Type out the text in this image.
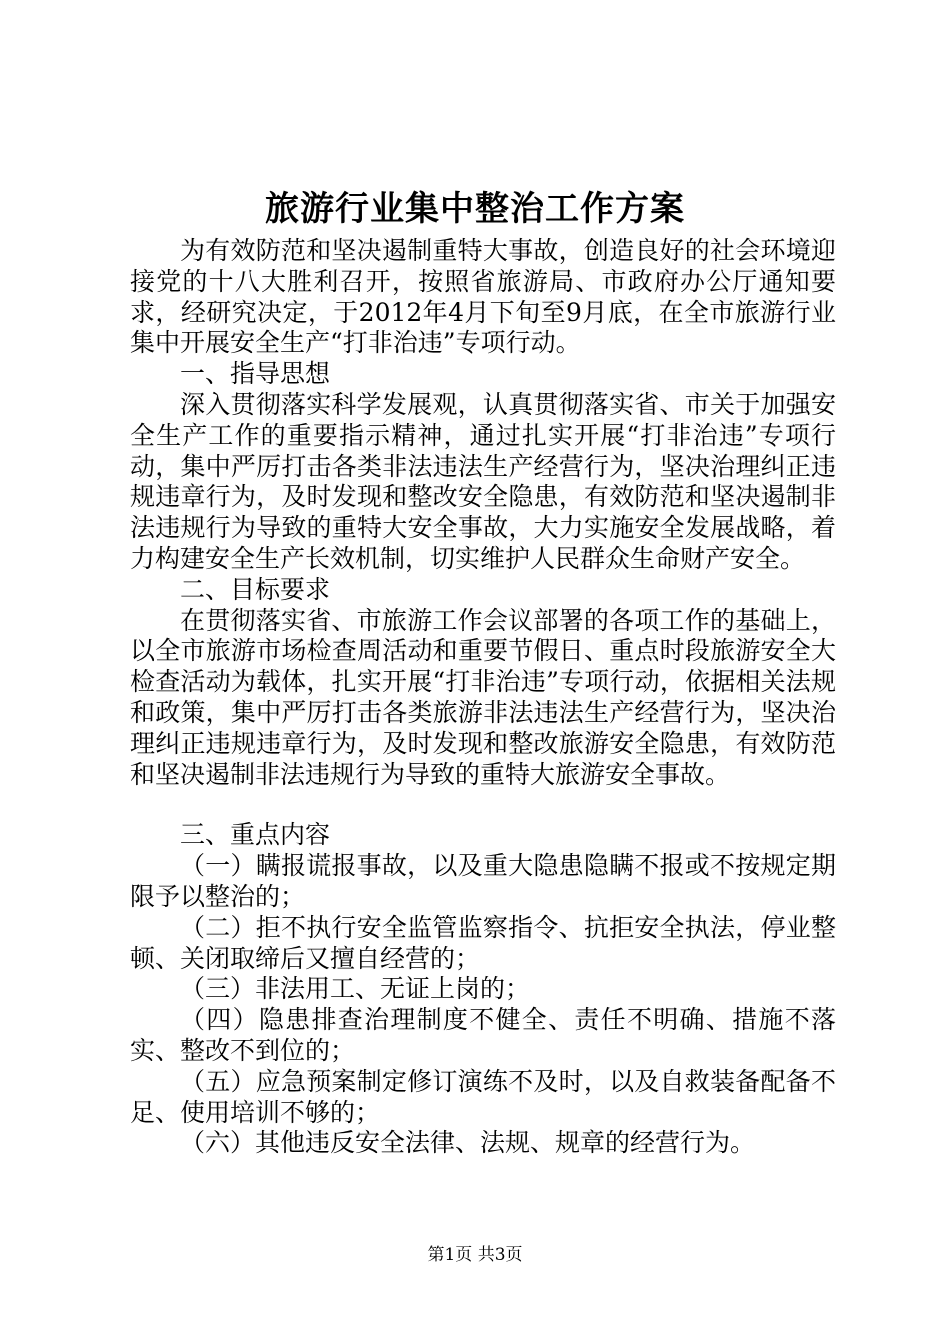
旅游行业集中整治工作方案

为有效防范和坚决遏制重特大事故，创造良好的社会环境迎接党的十八大胜利召开，按照省旅游局、市政府办公厅通知要求，经研究决定，于2012年4月下旬至9月底，在全市旅游行业集中开展安全生产“打非治违”专项行动。

一、指导思想

深入贯彻落实科学发展观，认真贯彻落实省、市关于加强安全生产工作的重要指示精神，通过扎实开展“打非治违”专项行动，集中严厉打击各类非法违法生产经营行为，坚决治理纠正违规违章行为，及时发现和整改安全隐患，有效防范和坚决遏制非法违规行为导致的重特大安全事故，大力实施安全发展战略，着力构建安全生产长效机制，切实维护人民群众生命财产安全。

二、目标要求

在贯彻落实省、市旅游工作会议部署的各项工作的基础上，以全市旅游市场检查周活动和重要节假日、重点时段旅游安全大检查活动为载体，扎实开展“打非治违”专项行动，依据相关法规和政策，集中严厉打击各类旅游非法违法生产经营行为，坚决治理纠正违规违章行为，及时发现和整改旅游安全隐患，有效防范和坚决遏制非法违规行为导致的重特大旅游安全事故。

三、重点内容

（一）瞒报谎报事故，以及重大隐患隐瞒不报或不按规定期限予以整治的；

（二）拒不执行安全监管监察指令、抗拒安全执法，停业整顿、关闭取缔后又擅自经营的；

（三）非法用工、无证上岗的；

（四）隐患排查治理制度不健全、责任不明确、措施不落实、整改不到位的；

（五）应急预案制定修订演练不及时，以及自救装备配备不足、使用培训不够的；

（六）其他违反安全法律、法规、规章的经营行为。

第1页 共3页
